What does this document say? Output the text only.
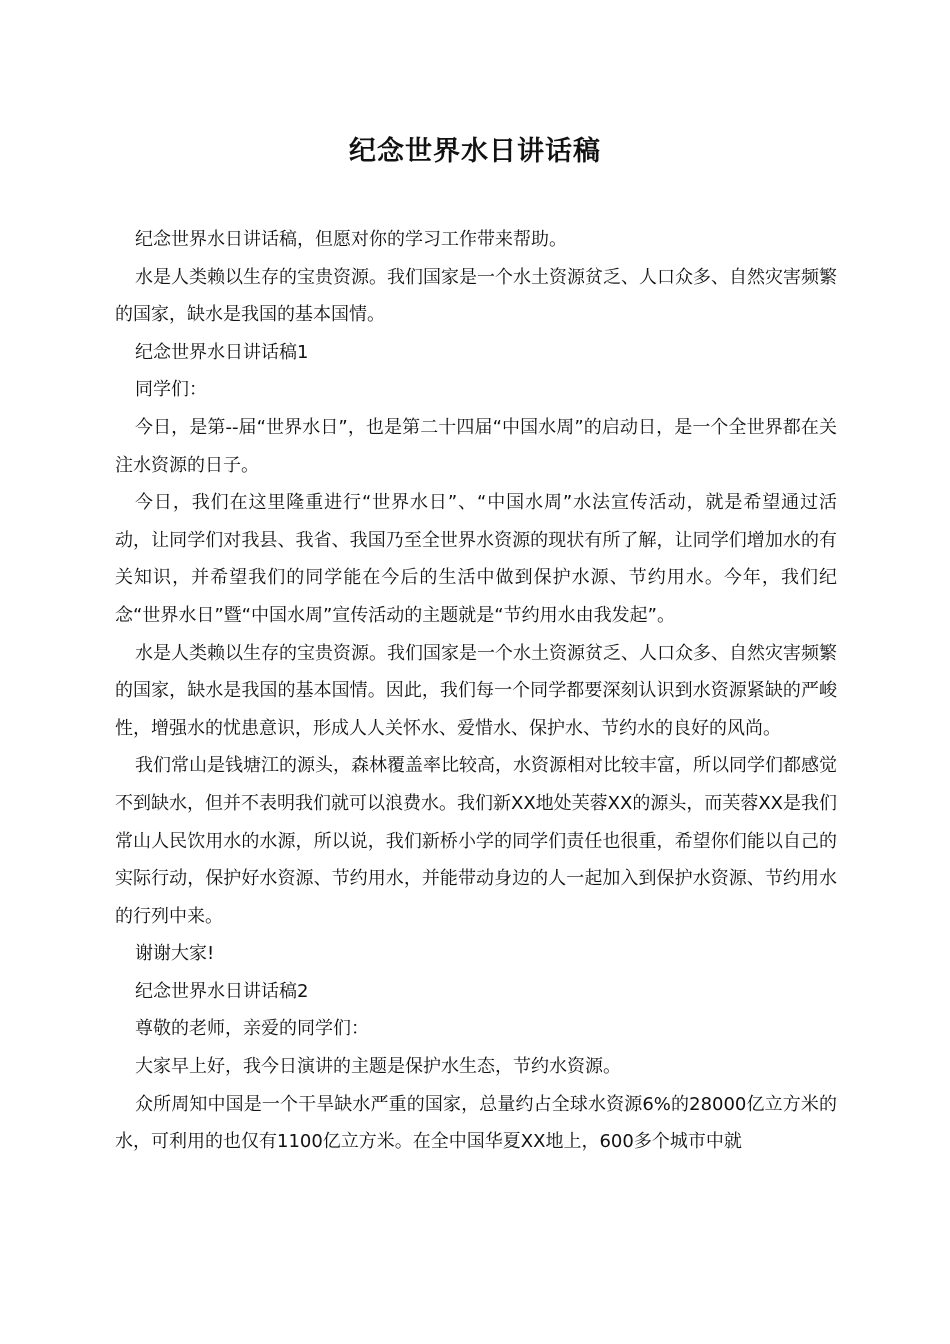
纪念世界水日讲话稿

纪念世界水日讲话稿，但愿对你的学习工作带来帮助。

水是人类赖以生存的宝贵资源。我们国家是一个水土资源贫乏、人口众多、自然灾害频繁的国家，缺水是我国的基本国情。

纪念世界水日讲话稿1

同学们：

今日，是第--届“世界水日”，也是第二十四届“中国水周”的启动日，是一个全世界都在关注水资源的日子。

今日，我们在这里隆重进行“世界水日”、“中国水周”水法宣传活动，就是希望通过活动，让同学们对我县、我省、我国乃至全世界水资源的现状有所了解，让同学们增加水的有关知识，并希望我们的同学能在今后的生活中做到保护水源、节约用水。今年，我们纪念“世界水日”暨“中国水周”宣传活动的主题就是“节约用水由我发起”。

水是人类赖以生存的宝贵资源。我们国家是一个水土资源贫乏、人口众多、自然灾害频繁的国家，缺水是我国的基本国情。因此，我们每一个同学都要深刻认识到水资源紧缺的严峻性，增强水的忧患意识，形成人人关怀水、爱惜水、保护水、节约水的良好的风尚。

我们常山是钱塘江的源头，森林覆盖率比较高，水资源相对比较丰富，所以同学们都感觉不到缺水，但并不表明我们就可以浪费水。我们新XX地处芙蓉XX的源头，而芙蓉XX是我们常山人民饮用水的水源，所以说，我们新桥小学的同学们责任也很重，希望你们能以自己的实际行动，保护好水资源、节约用水，并能带动身边的人一起加入到保护水资源、节约用水的行列中来。

谢谢大家!

纪念世界水日讲话稿2

尊敬的老师，亲爱的同学们：

大家早上好，我今日演讲的主题是保护水生态，节约水资源。

众所周知中国是一个干旱缺水严重的国家，总量约占全球水资源6%的28000亿立方米的水，可利用的也仅有1100亿立方米。在全中国华夏XX地上，600多个城市中就
